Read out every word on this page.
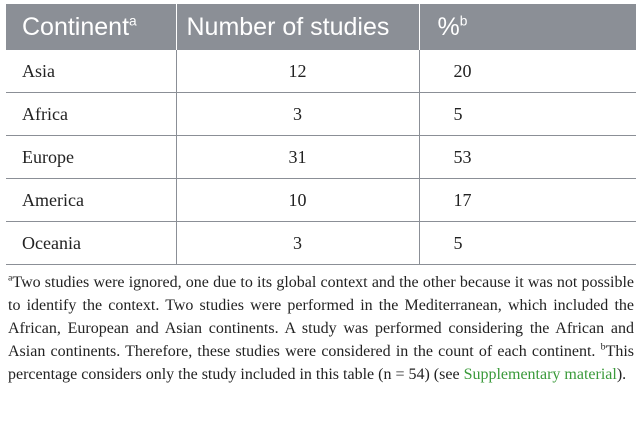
Continent$^a$	Number of studies	%$^b$
Asia	12	20
Africa	3	5
Europe	31	53
America	10	17
Oceania	3	5

$^a$Two studies were ignored, one due to its global context and the other because it was not possible to identify the context. Two studies were performed in the Mediterranean, which included the African, European and Asian continents. A study was performed considering the African and Asian continents. Therefore, these studies were considered in the count of each continent. $^b$This percentage considers only the study included in this table (n = 54) (see Supplementary material).
